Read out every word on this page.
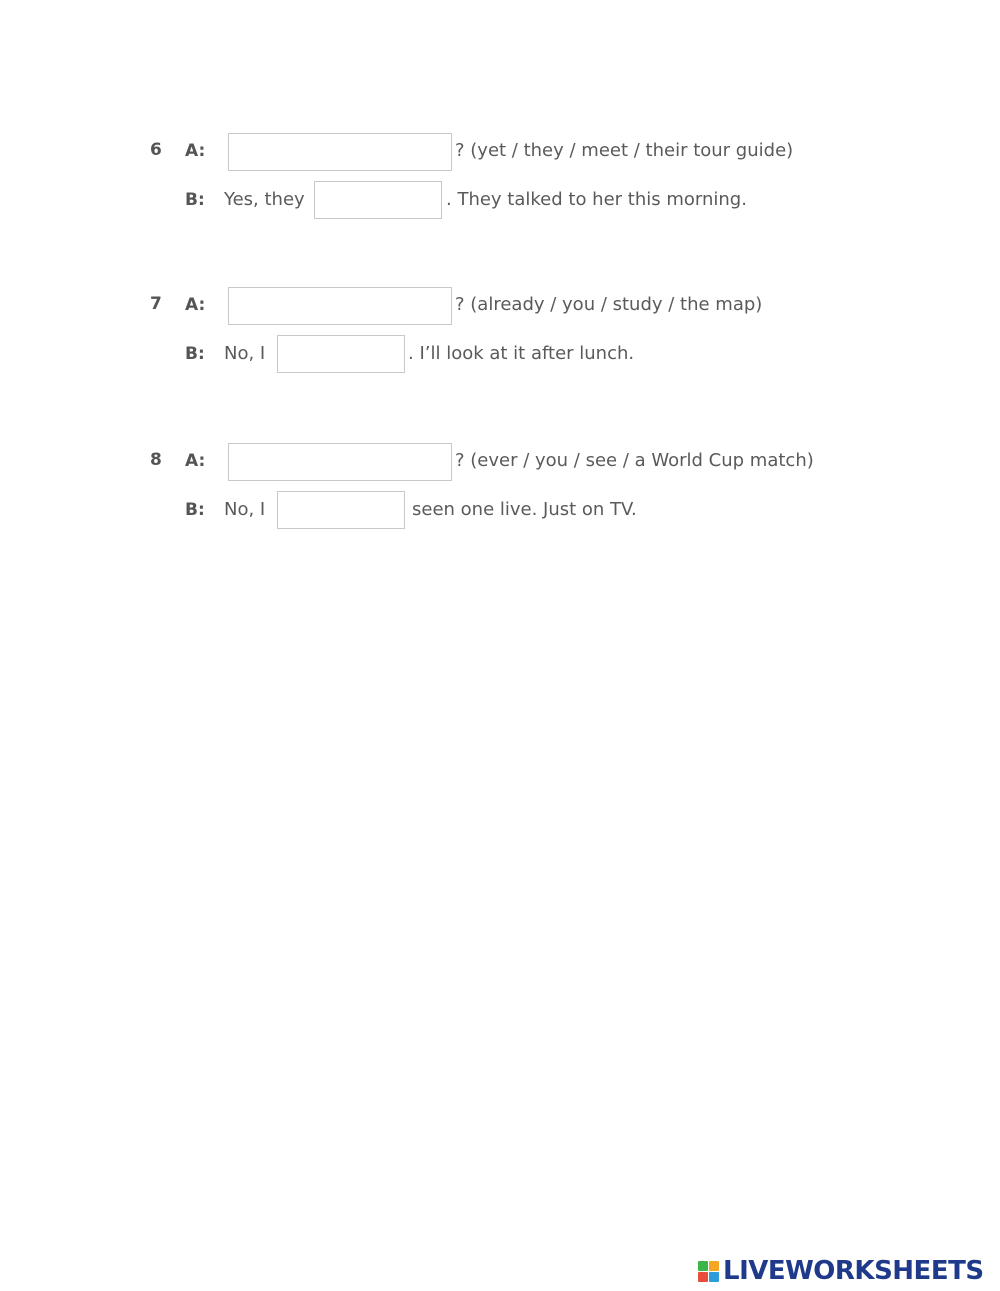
6 A:	? (yet / they / meet / their tour guide)
B: Yes, they	. They talked to her this morning.
7 A:	? (already / you / study / the map)
B: No, I	. I’ll look at it after lunch.
8 A:	? (ever / you / see / a World Cup match)
B: No, I	seen one live. Just on TV.
LIVEWORKSHEETS
